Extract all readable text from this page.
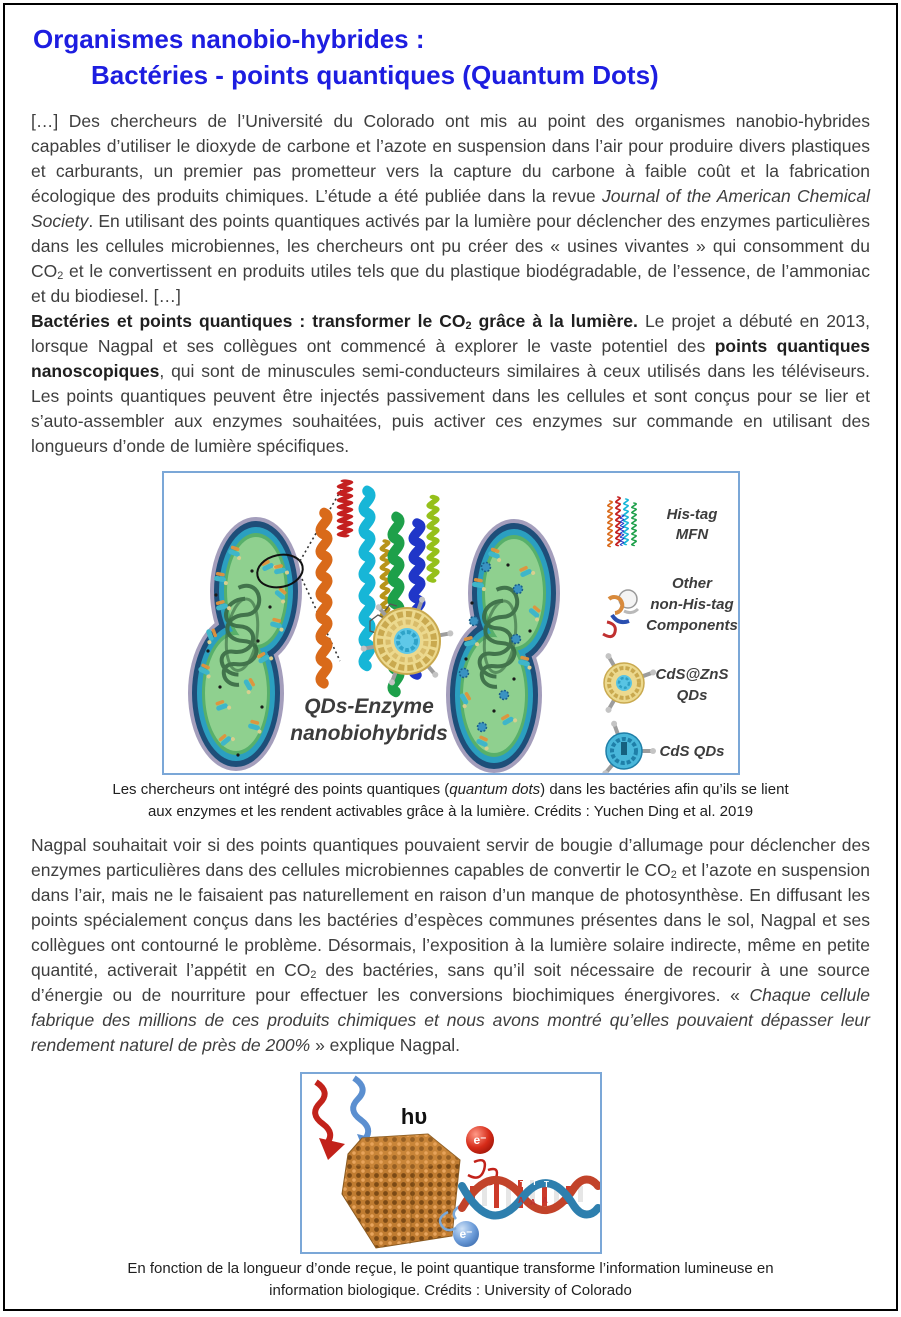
Organismes nanobio-hybrides :
Bactéries - points quantiques (Quantum Dots)

[…] Des chercheurs de l’Université du Colorado ont mis au point des organismes nanobio-hybrides capables d’utiliser le dioxyde de carbone et l’azote en suspension dans l’air pour produire divers plastiques et carburants, un premier pas prometteur vers la capture du carbone à faible coût et la fabrication écologique des produits chimiques. L’étude a été publiée dans la revue Journal of the American Chemical Society. En utilisant des points quantiques activés par la lumière pour déclencher des enzymes particulières dans les cellules microbiennes, les chercheurs ont pu créer des « usines vivantes » qui consomment du $CO_2$ et le convertissent en produits utiles tels que du plastique biodégradable, de l’essence, de l’ammoniac et du biodiesel. […]

Bactéries et points quantiques : transformer le $CO_2$ grâce à la lumière. Le projet a débuté en 2013, lorsque Nagpal et ses collègues ont commencé à explorer le vaste potentiel des points quantiques nanoscopiques, qui sont de minuscules semi-conducteurs similaires à ceux utilisés dans les téléviseurs. Les points quantiques peuvent être injectés passivement dans les cellules et sont conçus pour se lier et s’auto-assembler aux enzymes souhaitées, puis activer ces enzymes sur commande en utilisant des longueurs d’onde de lumière spécifiques.

QDs-Enzyme
nanobiohybrids
His-tag
MFN
Other
non-His-tag
Components
CdS@ZnS
QDs
CdS QDs

Les chercheurs ont intégré des points quantiques (quantum dots) dans les bactéries afin qu’ils se lient aux enzymes et les rendent activables grâce à la lumière. Crédits : Yuchen Ding et al. 2019

Nagpal souhaitait voir si des points quantiques pouvaient servir de bougie d’allumage pour déclencher des enzymes particulières dans des cellules microbiennes capables de convertir le $CO_2$ et l’azote en suspension dans l’air, mais ne le faisaient pas naturellement en raison d’un manque de photosynthèse. En diffusant les points spécialement conçus dans les bactéries d’espèces communes présentes dans le sol, Nagpal et ses collègues ont contourné le problème. Désormais, l’exposition à la lumière solaire indirecte, même en petite quantité, activerait l’appétit en $CO_2$ des bactéries, sans qu’il soit nécessaire de recourir à une source d’énergie ou de nourriture pour effectuer les conversions biochimiques énergivores. « Chaque cellule fabrique des millions de ces produits chimiques et nous avons montré qu’elles pouvaient dépasser leur rendement naturel de près de 200% » explique Nagpal.

hυ
e⁻
e⁻
T T T
A A A

En fonction de la longueur d’onde reçue, le point quantique transforme l’information lumineuse en information biologique. Crédits : University of Colorado
